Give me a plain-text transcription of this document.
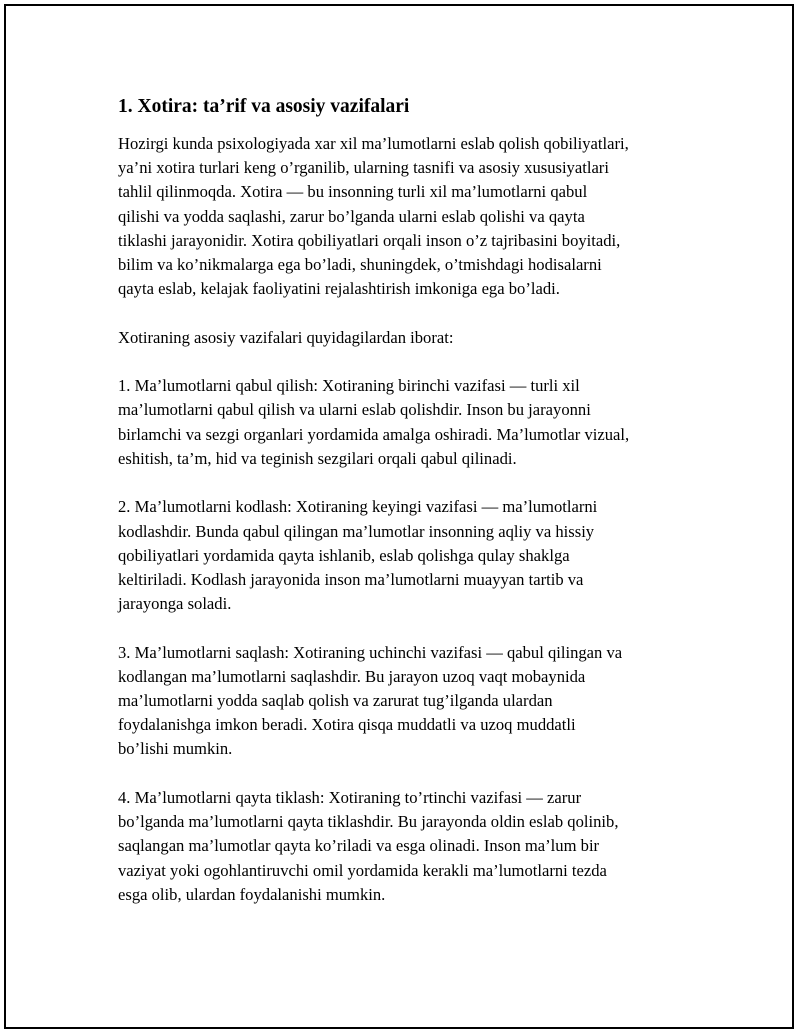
1. Xotira: ta’rif va asosiy vazifalari

Hozirgi kunda psixologiyada xar xil ma’lumotlarni eslab qolish qobiliyatlari,
ya’ni xotira turlari keng o’rganilib, ularning tasnifi va asosiy xususiyatlari
tahlil qilinmoqda. Xotira — bu insonning turli xil ma’lumotlarni qabul
qilishi va yodda saqlashi, zarur bo’lganda ularni eslab qolishi va qayta
tiklashi jarayonidir. Xotira qobiliyatlari orqali inson o’z tajribasini boyitadi,
bilim va ko’nikmalarga ega bo’ladi, shuningdek, o’tmishdagi hodisalarni
qayta eslab, kelajak faoliyatini rejalashtirish imkoniga ega bo’ladi.

Xotiraning asosiy vazifalari quyidagilardan iborat:

1. Ma’lumotlarni qabul qilish: Xotiraning birinchi vazifasi — turli xil
ma’lumotlarni qabul qilish va ularni eslab qolishdir. Inson bu jarayonni
birlamchi va sezgi organlari yordamida amalga oshiradi. Ma’lumotlar vizual,
eshitish, ta’m, hid va teginish sezgilari orqali qabul qilinadi.

2. Ma’lumotlarni kodlash: Xotiraning keyingi vazifasi — ma’lumotlarni
kodlashdir. Bunda qabul qilingan ma’lumotlar insonning aqliy va hissiy
qobiliyatlari yordamida qayta ishlanib, eslab qolishga qulay shaklga
keltiriladi. Kodlash jarayonida inson ma’lumotlarni muayyan tartib va
jarayonga soladi.

3. Ma’lumotlarni saqlash: Xotiraning uchinchi vazifasi — qabul qilingan va
kodlangan ma’lumotlarni saqlashdir. Bu jarayon uzoq vaqt mobaynida
ma’lumotlarni yodda saqlab qolish va zarurat tug’ilganda ulardan
foydalanishga imkon beradi. Xotira qisqa muddatli va uzoq muddatli
bo’lishi mumkin.

4. Ma’lumotlarni qayta tiklash: Xotiraning to’rtinchi vazifasi — zarur
bo’lganda ma’lumotlarni qayta tiklashdir. Bu jarayonda oldin eslab qolinib,
saqlangan ma’lumotlar qayta ko’riladi va esga olinadi. Inson ma’lum bir
vaziyat yoki ogohlantiruvchi omil yordamida kerakli ma’lumotlarni tezda
esga olib, ulardan foydalanishi mumkin.
